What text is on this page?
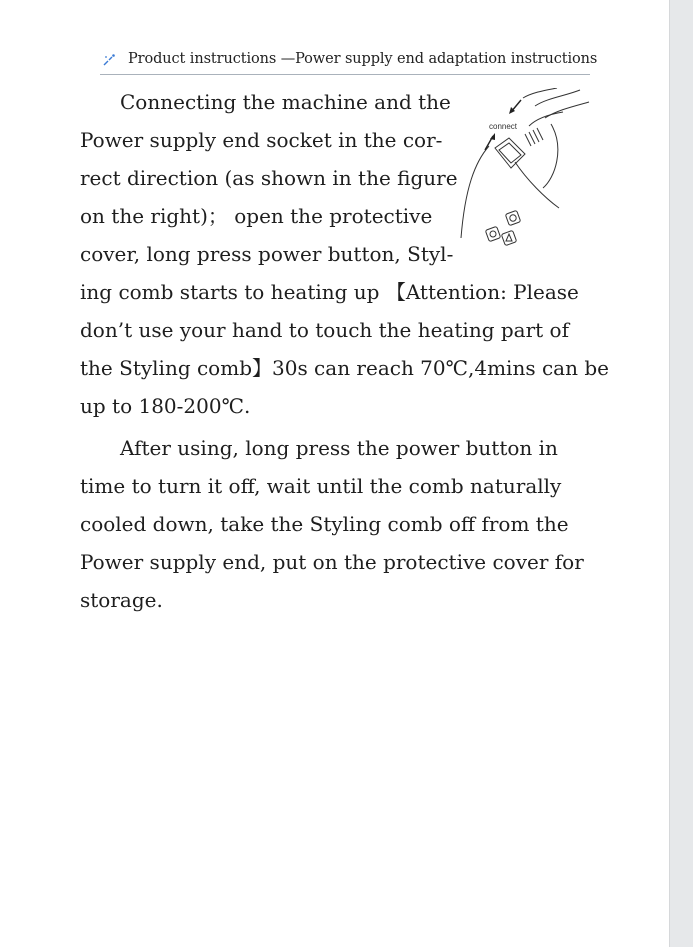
Product instructions —Power supply end adaptation instructions
Connecting the machine and the
Power supply end socket in the cor-
rect direction (as shown in the figure
on the right)； open the protective
cover, long press power button, Styl-
ing comb starts to heating up 【Attention: Please
don’t use your hand to touch the heating part of
the Styling comb】30s can reach 70℃,4mins can be
up to 180-200℃.
After using, long press the power button in
time to turn it off, wait until the comb naturally
cooled down, take the Styling comb off from the
Power supply end, put on the protective cover for
storage.
connect
